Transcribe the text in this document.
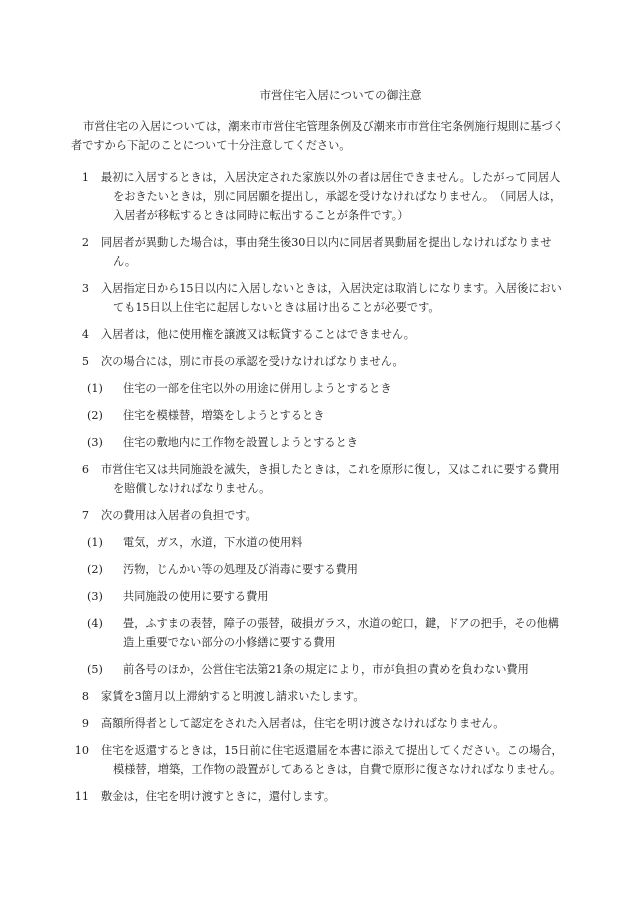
市営住宅入居についての御注意
市営住宅の入居については，潮来市市営住宅管理条例及び潮来市市営住宅条例施行規則に基づく者ですから下記のことについて十分注意してください。
1	最初に入居するときは，入居決定された家族以外の者は居住できません。したがって同居人をおきたいときは，別に同居願を提出し，承認を受けなければなりません。　（同居人は，入居者が移転するときは同時に転出することが条件です。）
2	同居者が異動した場合は，事由発生後30日以内に同居者異動届を提出しなければなりません。
3	入居指定日から15日以内に入居しないときは，入居決定は取消しになります。入居後においても15日以上住宅に起居しないときは届け出ることが必要です。
4	入居者は，他に使用権を譲渡又は転貸することはできません。
5	次の場合には，別に市長の承認を受けなければなりません。
(1)	住宅の一部を住宅以外の用途に併用しようとするとき
(2)	住宅を模様替，増築をしようとするとき
(3)	住宅の敷地内に工作物を設置しようとするとき
6	市営住宅又は共同施設を滅失，き損したときは，これを原形に復し，又はこれに要する費用を賠償しなければなりません。
7	次の費用は入居者の負担です。
(1)	電気，ガス，水道，下水道の使用料
(2)	汚物，じんかい等の処理及び消毒に要する費用
(3)	共同施設の使用に要する費用
(4)	畳，ふすまの表替，障子の張替，破損ガラス，水道の蛇口，鍵，ドアの把手，その他構造上重要でない部分の小修繕に要する費用
(5)	前各号のほか，公営住宅法第21条の規定により，市が負担の責めを負わない費用
8	家賃を3箇月以上滞納すると明渡し請求いたします。
9	高額所得者として認定をされた入居者は，住宅を明け渡さなければなりません。
10	住宅を返還するときは，15日前に住宅返還届を本書に添えて提出してください。この場合，模様替，増築，工作物の設置がしてあるときは，自費で原形に復さなければなりません。
11	敷金は，住宅を明け渡すときに，還付します。
